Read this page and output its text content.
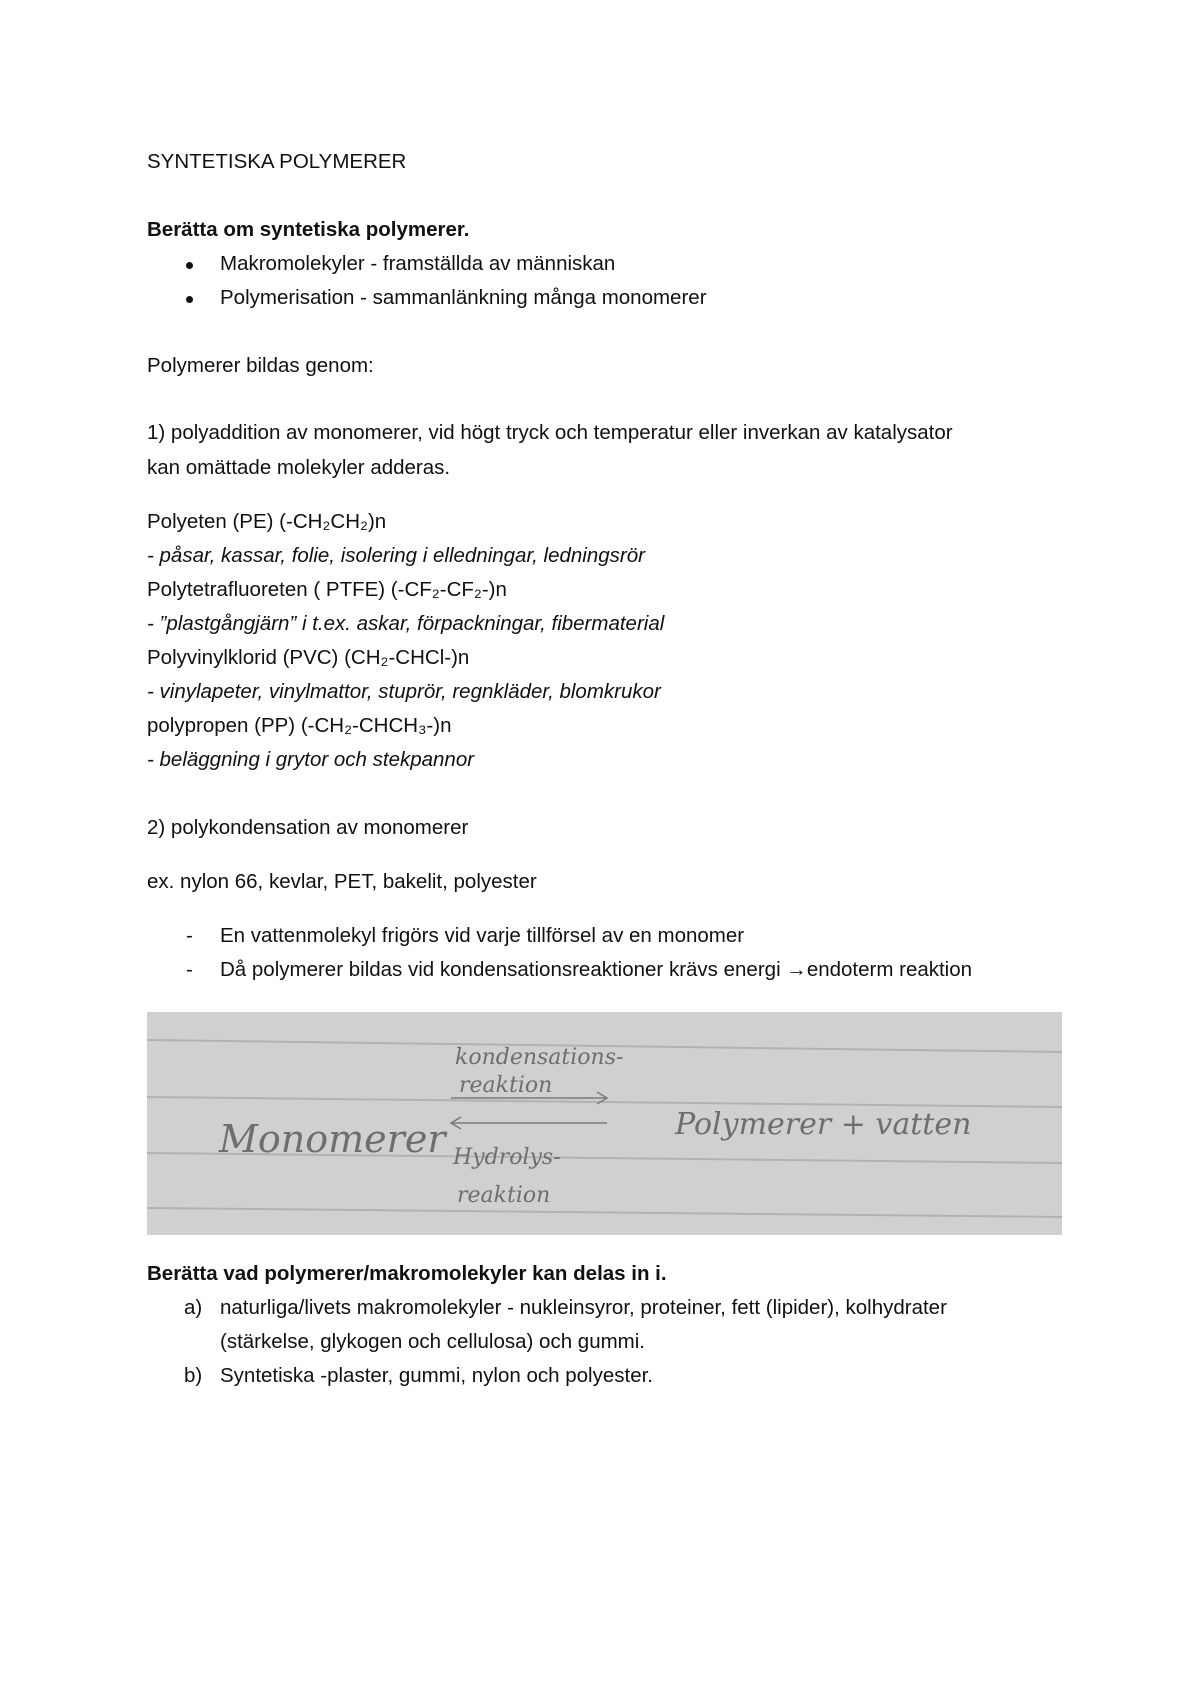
SYNTETISKA POLYMERER
Berätta om syntetiska polymerer.
Makromolekyler - framställda av människan
Polymerisation - sammanlänkning många monomerer
Polymerer bildas genom:
1) polyaddition av monomerer, vid högt tryck och temperatur eller inverkan av katalysator
kan omättade molekyler adderas.
Polyeten (PE) (-CH₂CH₂)n
- påsar, kassar, folie, isolering i elledningar, ledningsrör
Polytetrafluoreten ( PTFE) (-CF₂-CF₂-)n
- ”plastgångjärn” i t.ex. askar, förpackningar, fibermaterial
Polyvinylklorid (PVC) (CH₂-CHCl-)n
- vinylapeter, vinylmattor, stuprör, regnkläder, blomkrukor
polypropen (PP) (-CH₂-CHCH₃-)n
- beläggning i grytor och stekpannor
2) polykondensation av monomerer
ex. nylon 66, kevlar, PET, bakelit, polyester
- En vattenmolekyl frigörs vid varje tillförsel av en monomer
- Då polymerer bildas vid kondensationsreaktioner krävs energi →endoterm reaktion
Monomerer
kondensations-
reaktion
Hydrolys-
reaktion
Polymerer + vatten
Berätta vad polymerer/makromolekyler kan delas in i.
a) naturliga/livets makromolekyler - nukleinsyror, proteiner, fett (lipider), kolhydrater
(stärkelse, glykogen och cellulosa) och gummi.
b) Syntetiska -plaster, gummi, nylon och polyester.
